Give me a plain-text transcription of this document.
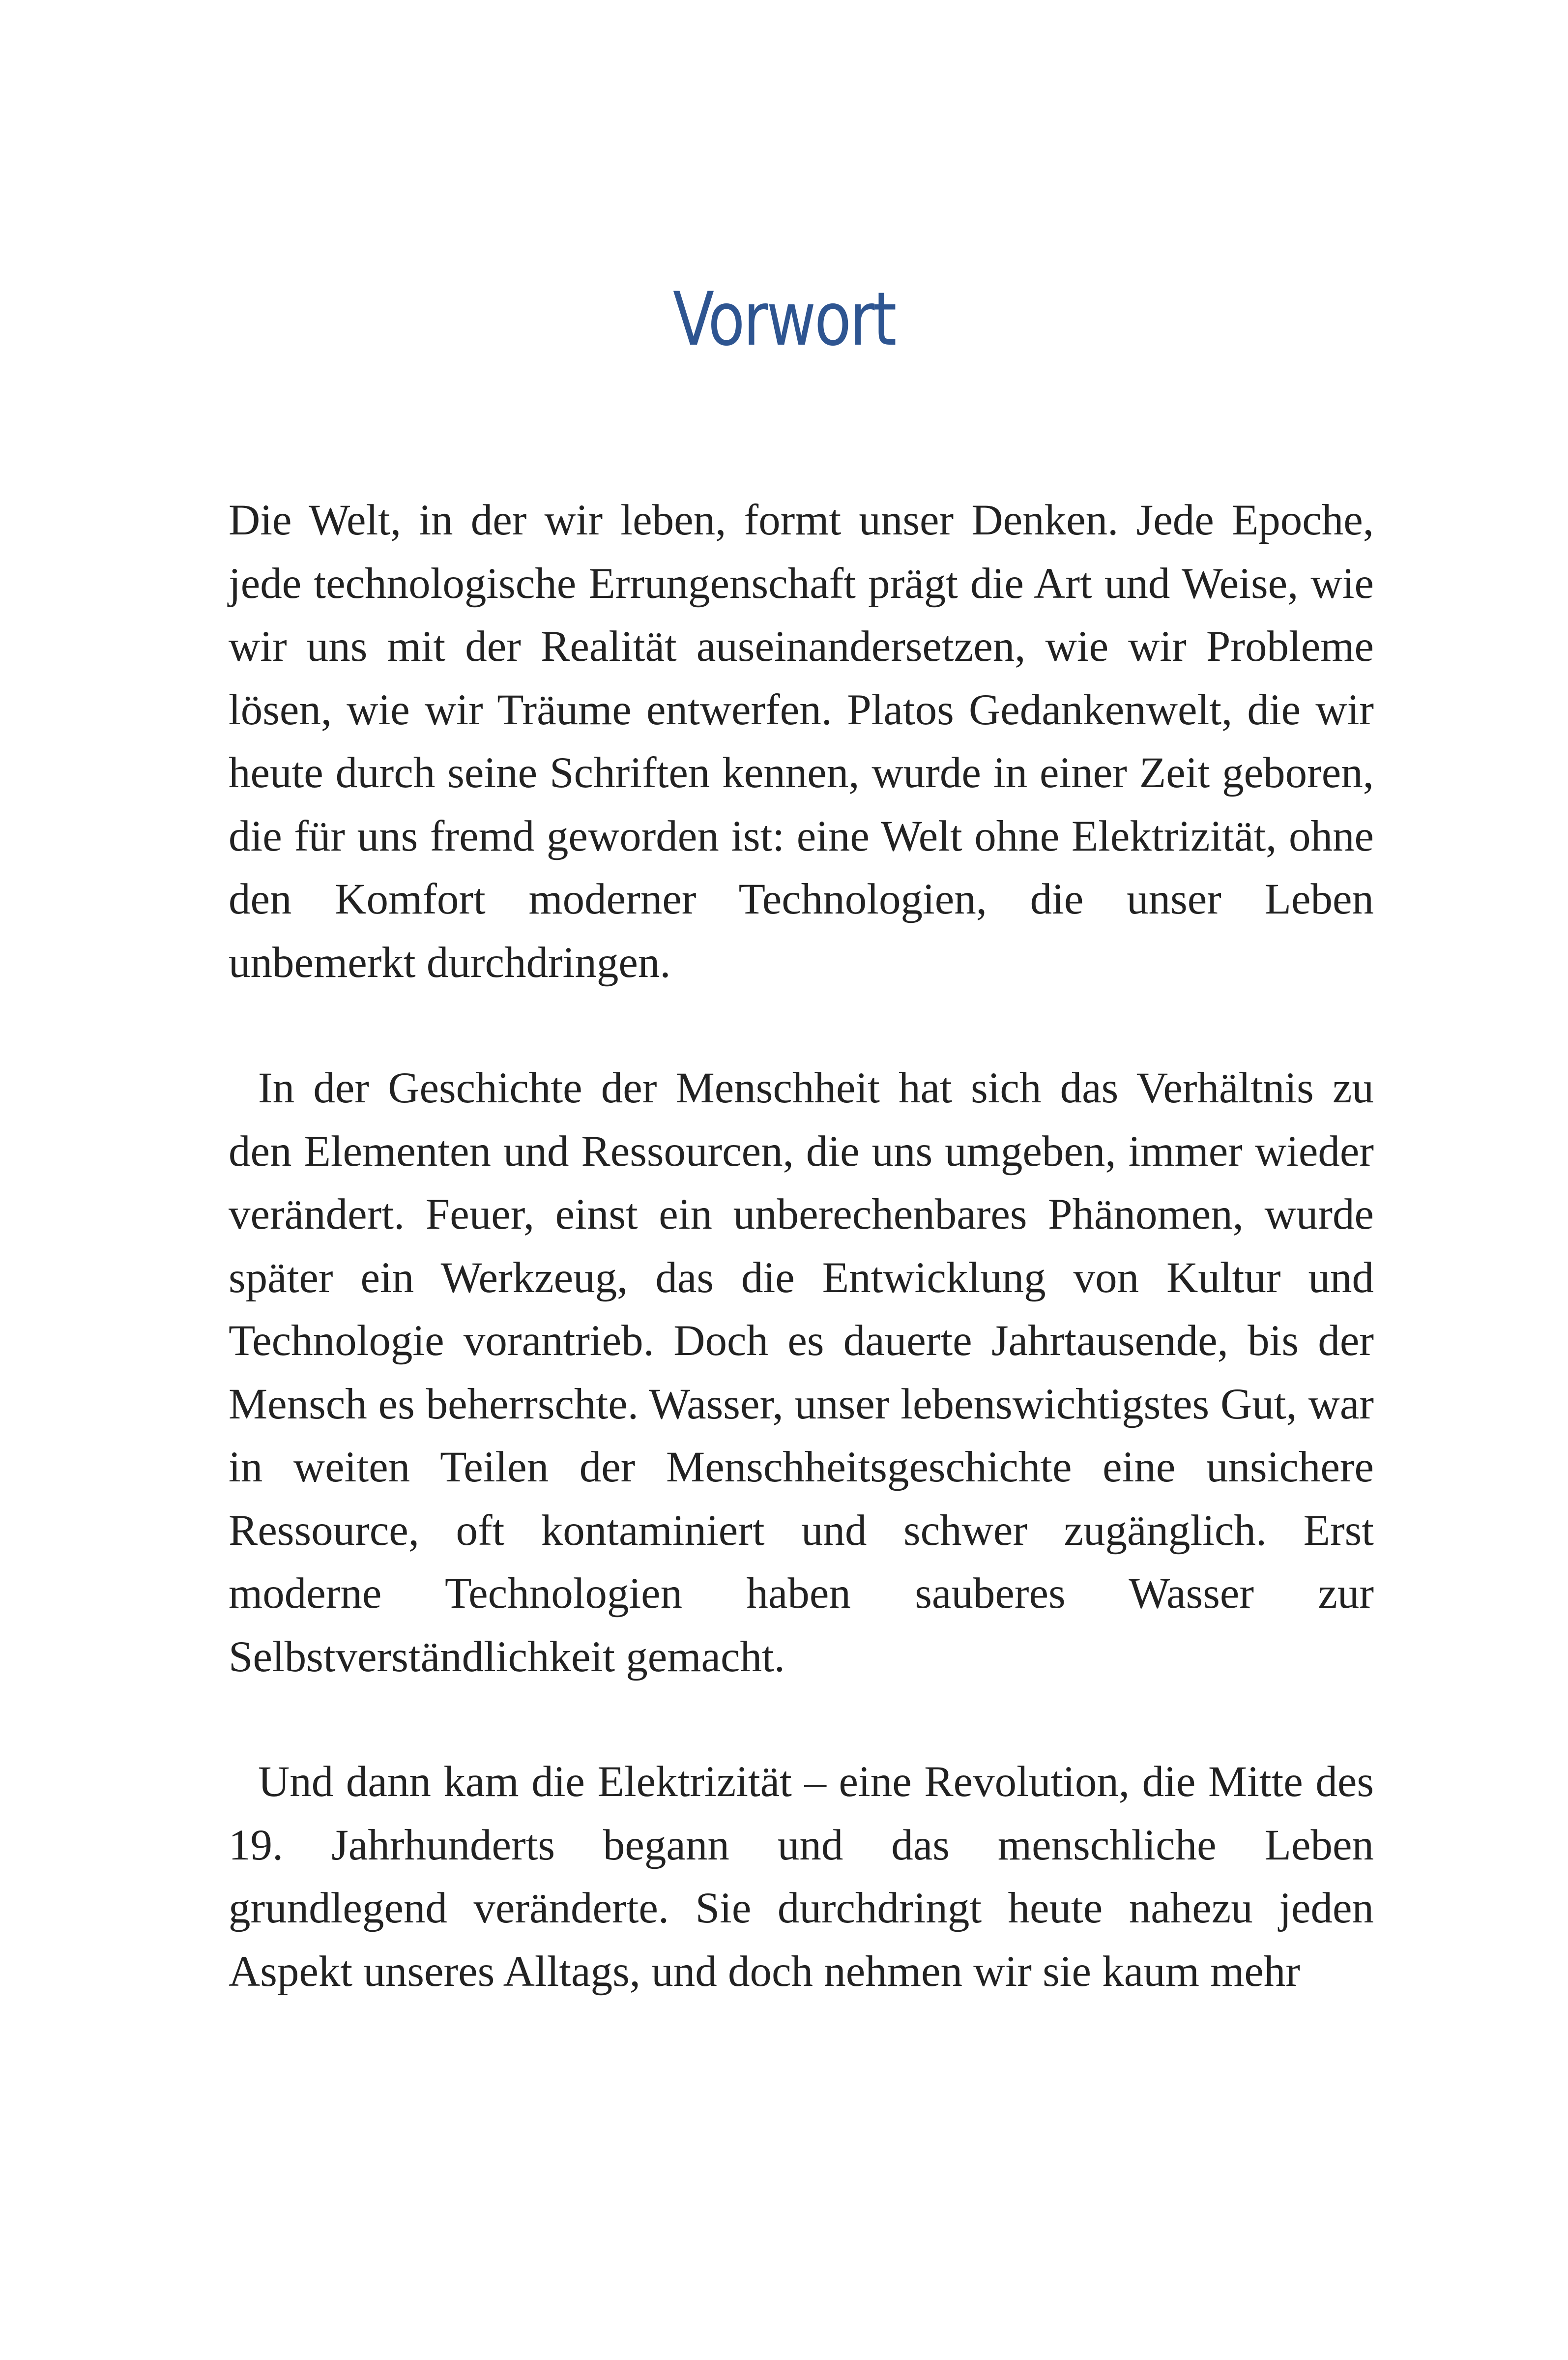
Vorwort

Die Welt, in der wir leben, formt unser Denken. Jede Epoche, jede technologische Errungenschaft prägt die Art und Weise, wie wir uns mit der Realität auseinandersetzen, wie wir Probleme lösen, wie wir Träume entwerfen. Platos Gedankenwelt, die wir heute durch seine Schriften kennen, wurde in einer Zeit geboren, die für uns fremd geworden ist: eine Welt ohne Elektrizität, ohne den Komfort moderner Technologien, die unser Leben unbemerkt durchdringen.

In der Geschichte der Menschheit hat sich das Verhältnis zu den Elementen und Ressourcen, die uns umgeben, immer wieder verändert. Feuer, einst ein unberechenbares Phänomen, wurde später ein Werkzeug, das die Entwicklung von Kultur und Technologie vorantrieb. Doch es dauerte Jahrtausende, bis der Mensch es beherrschte. Wasser, unser lebenswichtigstes Gut, war in weiten Teilen der Menschheitsgeschichte eine unsichere Ressource, oft kontaminiert und schwer zugänglich. Erst moderne Technologien haben sauberes Wasser zur Selbstverständlichkeit gemacht.

Und dann kam die Elektrizität – eine Revolution, die Mitte des 19. Jahrhunderts begann und das menschliche Leben grundlegend veränderte. Sie durchdringt heute nahezu jeden Aspekt unseres Alltags, und doch nehmen wir sie kaum mehr
